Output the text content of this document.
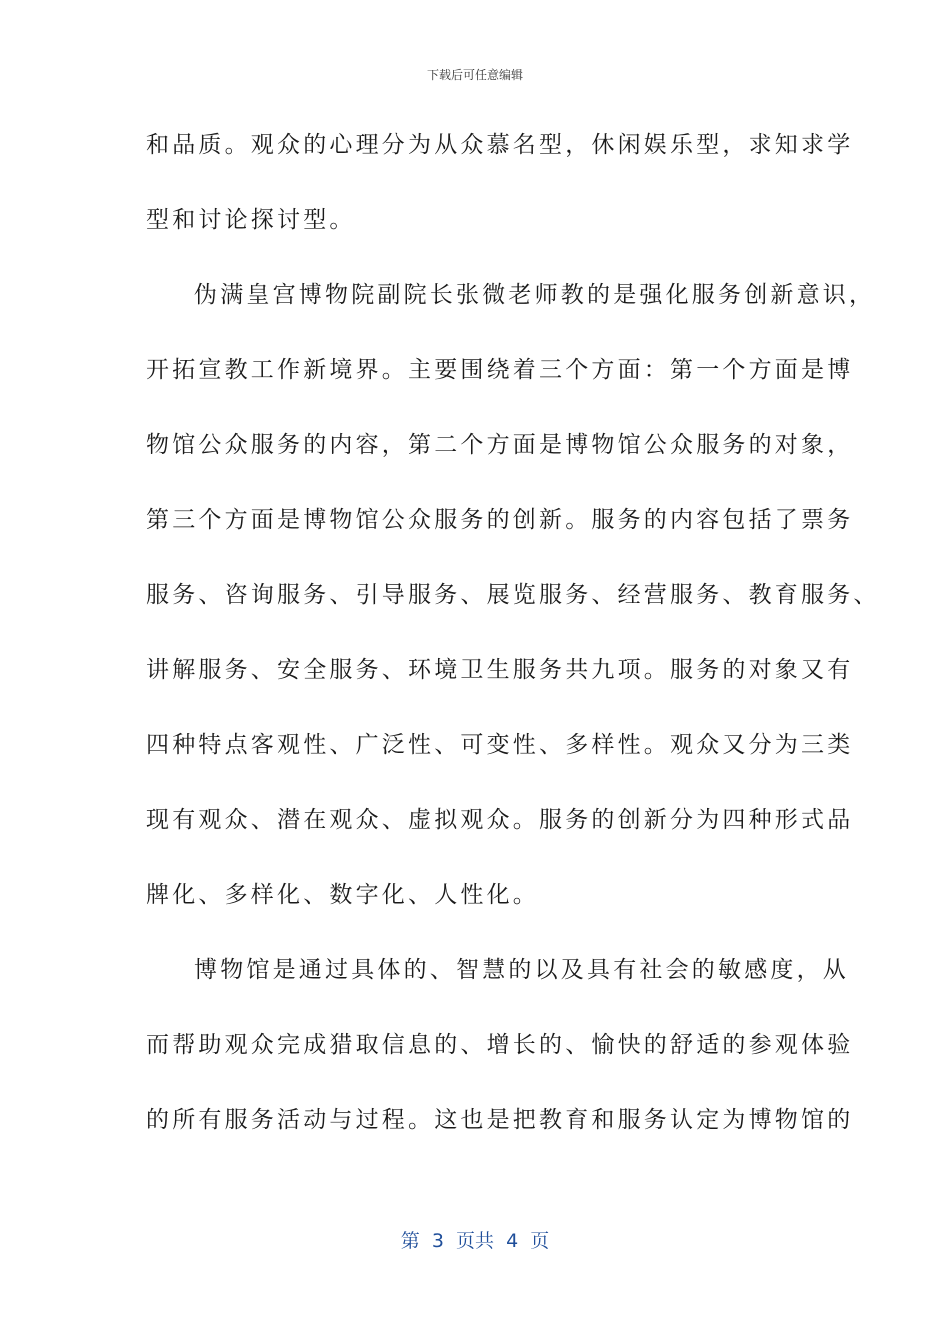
下载后可任意编辑
和品质。观众的心理分为从众慕名型，休闲娱乐型，求知求学
型和讨论探讨型。
伪满皇宫博物院副院长张微老师教的是强化服务创新意识，
开拓宣教工作新境界。主要围绕着三个方面：第一个方面是博
物馆公众服务的内容，第二个方面是博物馆公众服务的对象，
第三个方面是博物馆公众服务的创新。服务的内容包括了票务
服务、咨询服务、引导服务、展览服务、经营服务、教育服务、
讲解服务、安全服务、环境卫生服务共九项。服务的对象又有
四种特点客观性、广泛性、可变性、多样性。观众又分为三类
现有观众、潜在观众、虚拟观众。服务的创新分为四种形式品
牌化、多样化、数字化、人性化。
博物馆是通过具体的、智慧的以及具有社会的敏感度，从
而帮助观众完成猎取信息的、增长的、愉快的舒适的参观体验
的所有服务活动与过程。这也是把教育和服务认定为博物馆的
第  3  页共  4  页
